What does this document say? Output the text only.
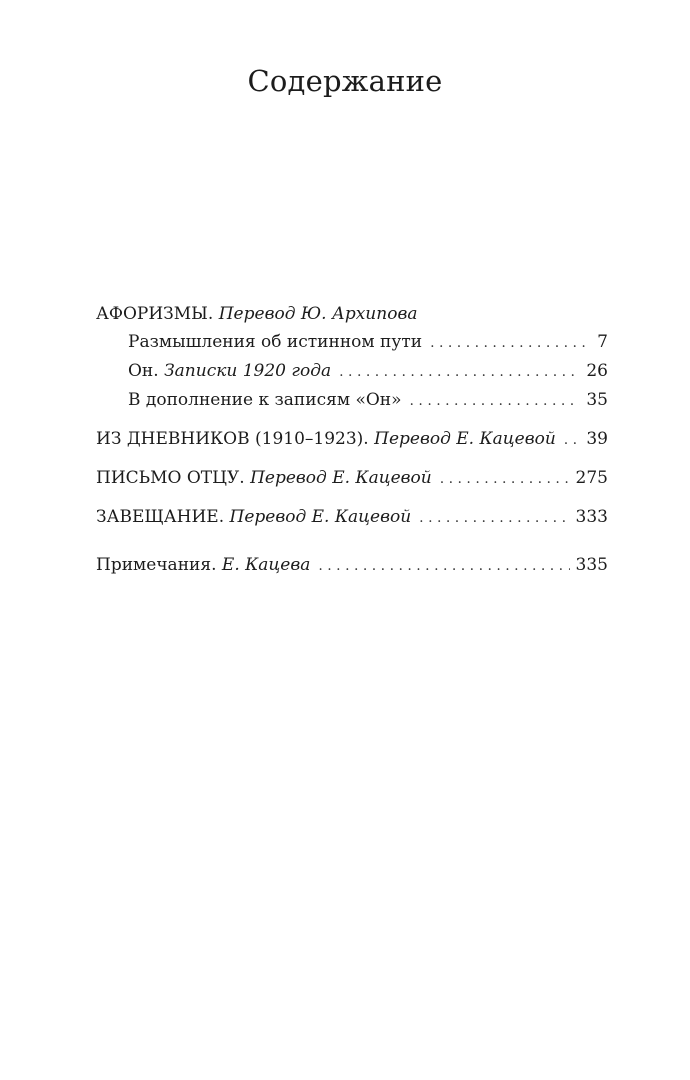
Содержание
АФОРИЗМЫ. Перевод Ю. Архипова
Размышления об истинном пути . . .	7
Он. Записки 1920 года . . .	26
В дополнение к записям «Он» . . .	35
ИЗ ДНЕВНИКОВ (1910–1923). Перевод Е. Кацевой . . . 39
ПИСЬМО ОТЦУ. Перевод Е. Кацевой . . .	275
ЗАВЕЩАНИЕ. Перевод Е. Кацевой . . .	333
Примечания. Е. Кацева . . .	335
